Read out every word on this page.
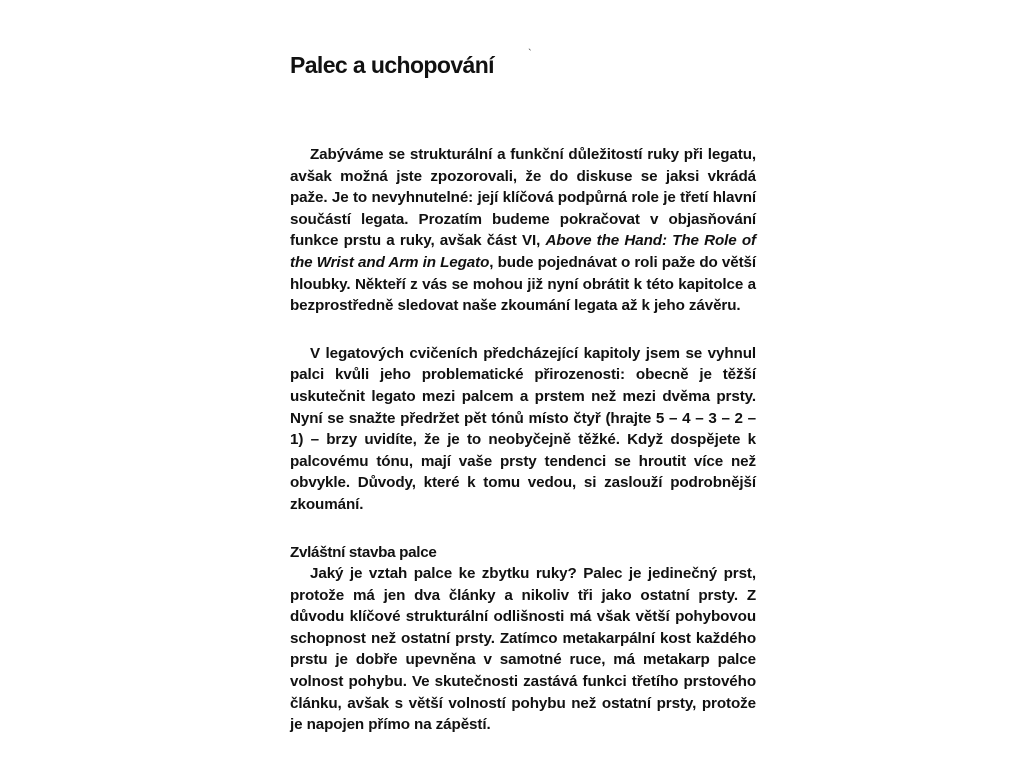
`
Palec a uchopování

Zabýváme se strukturální a funkční důležitostí ruky při legatu, avšak možná jste zpozorovali, že do diskuse se jaksi vkrádá paže. Je to nevyhnutelné: její klíčová podpůrná role je třetí hlavní součástí legata. Prozatím budeme pokračovat v objasňování funkce prstu a ruky, avšak část VI, Above the Hand: The Role of the Wrist and Arm in Legato, bude pojednávat o roli paže do větší hloubky. Někteří z vás se mohou již nyní obrátit k této kapitolce a bezprostředně sledovat naše zkoumání legata až k jeho závěru.

V legatových cvičeních předcházející kapitoly jsem se vyhnul palci kvůli jeho problematické přirozenosti: obecně je těžší uskutečnit legato mezi palcem a prstem než mezi dvěma prsty. Nyní se snažte předržet pět tónů místo čtyř (hrajte 5 – 4 – 3 – 2 – 1) – brzy uvidíte, že je to neobyčejně těžké. Když dospějete k palcovému tónu, mají vaše prsty tendenci se hroutit více než obvykle. Důvody, které k tomu vedou, si zaslouží podrobnější zkoumání.

Zvláštní stavba palce

Jaký je vztah palce ke zbytku ruky? Palec je jedinečný prst, protože má jen dva články a nikoliv tři jako ostatní prsty. Z důvodu klíčové strukturální odlišnosti má však větší pohybovou schopnost než ostatní prsty. Zatímco metakarpální kost každého prstu je dobře upevněna v samotné ruce, má metakarp palce volnost pohybu. Ve skutečnosti zastává funkci třetího prstového článku, avšak s větší volností pohybu než ostatní prsty, protože je napojen přímo na zápěstí.
